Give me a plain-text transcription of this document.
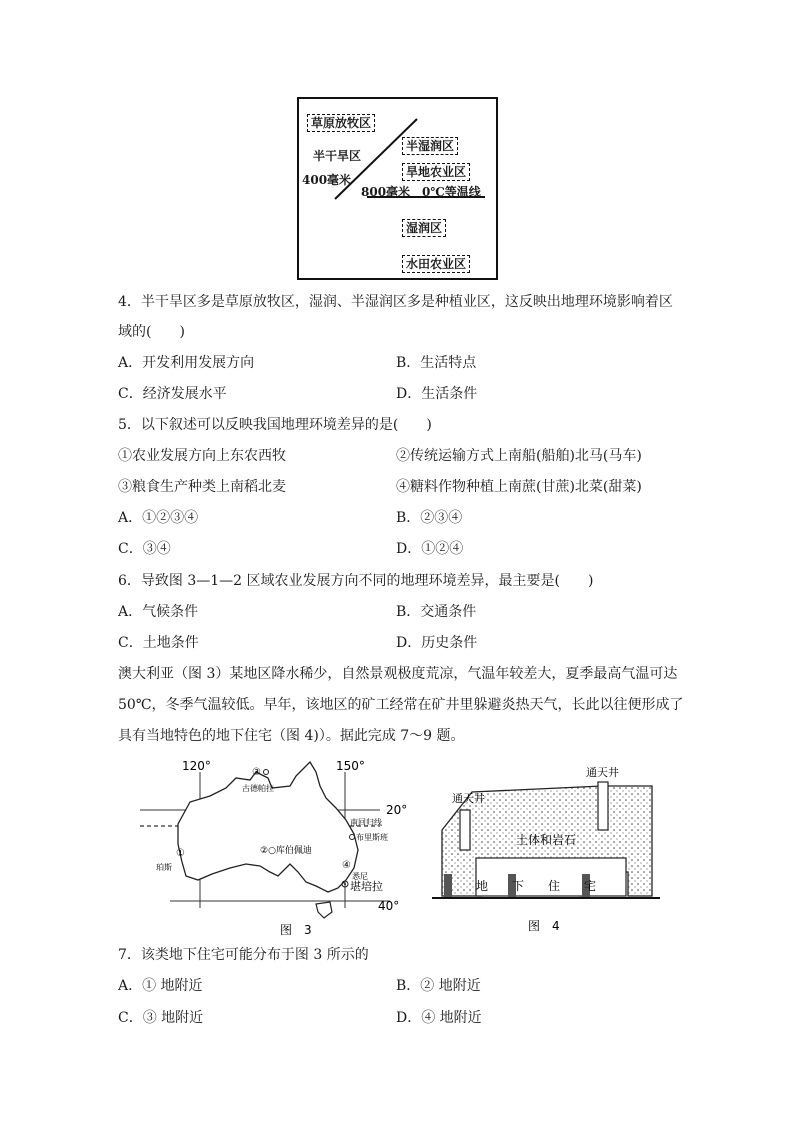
草原放牧区
半干旱区
400毫米
半湿润区
旱地农业区
800毫米　0℃等温线
湿润区
水田农业区
4．半干旱区多是草原放牧区，湿润、半湿润区多是种植业区，这反映出地理环境影响着区
域的(　　)
A．开发利用发展方向	B．生活特点
C．经济发展水平	D．生活条件
5．以下叙述可以反映我国地理环境差异的是(　　)
①农业发展方向上东农西牧	②传统运输方式上南船(船舶)北马(马车)
③粮食生产种类上南稻北麦	④糖料作物种植上南蔗(甘蔗)北菜(甜菜)
A．①②③④	B．②③④
C．③④	D．①②④
6．导致图 3—1—2 区域农业发展方向不同的地理环境差异，最主要是(　　)
A．气候条件	B．交通条件
C．土地条件	D．历史条件
澳大利亚（图 3）某地区降水稀少，自然景观极度荒凉，气温年较差大，夏季最高气温可达
50℃，冬季气温较低。早年，该地区的矿工经常在矿井里躲避炎热天气，长此以往便形成了
具有当地特色的地下住宅（图 4)）。据此完成 7～9 题。
120°	150°
20°
40°
南回归线
③
古德帕拉
②○库伯佩迪
布里斯班
①
珀斯	④
悉尼
堪培拉
图　3
通天井
通天井
土体和岩石
地　　下　　住　　宅
图　4
7．该类地下住宅可能分布于图 3 所示的
A．① 地附近	B．② 地附近
C．③ 地附近	D．④ 地附近
